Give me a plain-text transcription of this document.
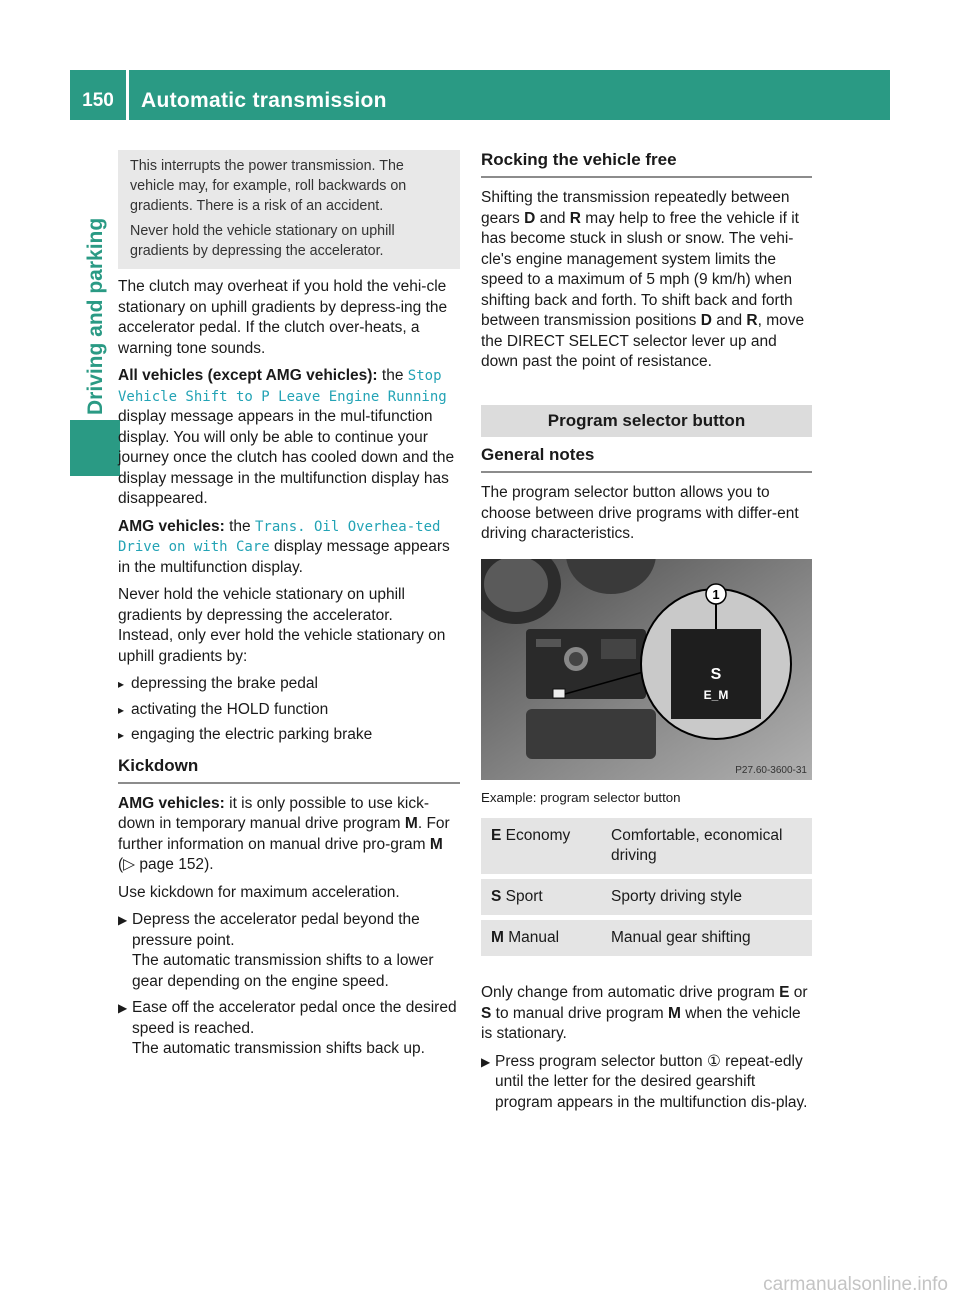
150	Automatic transmission
Driving and parking

This interrupts the power transmission. The vehicle may, for example, roll backwards on gradients. There is a risk of an accident.

Never hold the vehicle stationary on uphill gradients by depressing the accelerator.

The clutch may overheat if you hold the vehi-cle stationary on uphill gradients by depress-ing the accelerator pedal. If the clutch over-heats, a warning tone sounds.

All vehicles (except AMG vehicles): the Stop Vehicle Shift to P Leave Engine Running display message appears in the mul-tifunction display. You will only be able to continue your journey once the clutch has cooled down and the display message in the multifunction display has disappeared.

AMG vehicles: the Trans. Oil Overhea‐ted Drive on with Care display message appears in the multifunction display.

Never hold the vehicle stationary on uphill gradients by depressing the accelerator.

Instead, only ever hold the vehicle stationary on uphill gradients by:

▸ depressing the brake pedal
▸ activating the HOLD function
▸ engaging the electric parking brake
Kickdown

AMG vehicles: it is only possible to use kick-down in temporary manual drive program M. For further information on manual drive pro-gram M (▷ page 152).

Use kickdown for maximum acceleration.

▶ Depress the accelerator pedal beyond the pressure point.
The automatic transmission shifts to a lower gear depending on the engine speed.
▶ Ease off the accelerator pedal once the desired speed is reached.
The automatic transmission shifts back up.
Rocking the vehicle free

Shifting the transmission repeatedly between gears D and R may help to free the vehicle if it has become stuck in slush or snow. The vehi-cle's engine management system limits the speed to a maximum of 5 mph (9 km/h) when shifting back and forth. To shift back and forth between transmission positions D and R, move the DIRECT SELECT selector lever up and down past the point of resistance.

Program selector button
General notes

The program selector button allows you to choose between drive programs with differ-ent driving characteristics.

S
E_M
1
P27.60-3600-31
Example: program selector button
E Economy	Comfortable, economical driving
S Sport	Sporty driving style
M Manual	Manual gear shifting

Only change from automatic drive program E or S to manual drive program M when the vehicle is stationary.

▶ Press program selector button ① repeat-edly until the letter for the desired gearshift program appears in the multifunction dis-play.
carmanualsonline.info
